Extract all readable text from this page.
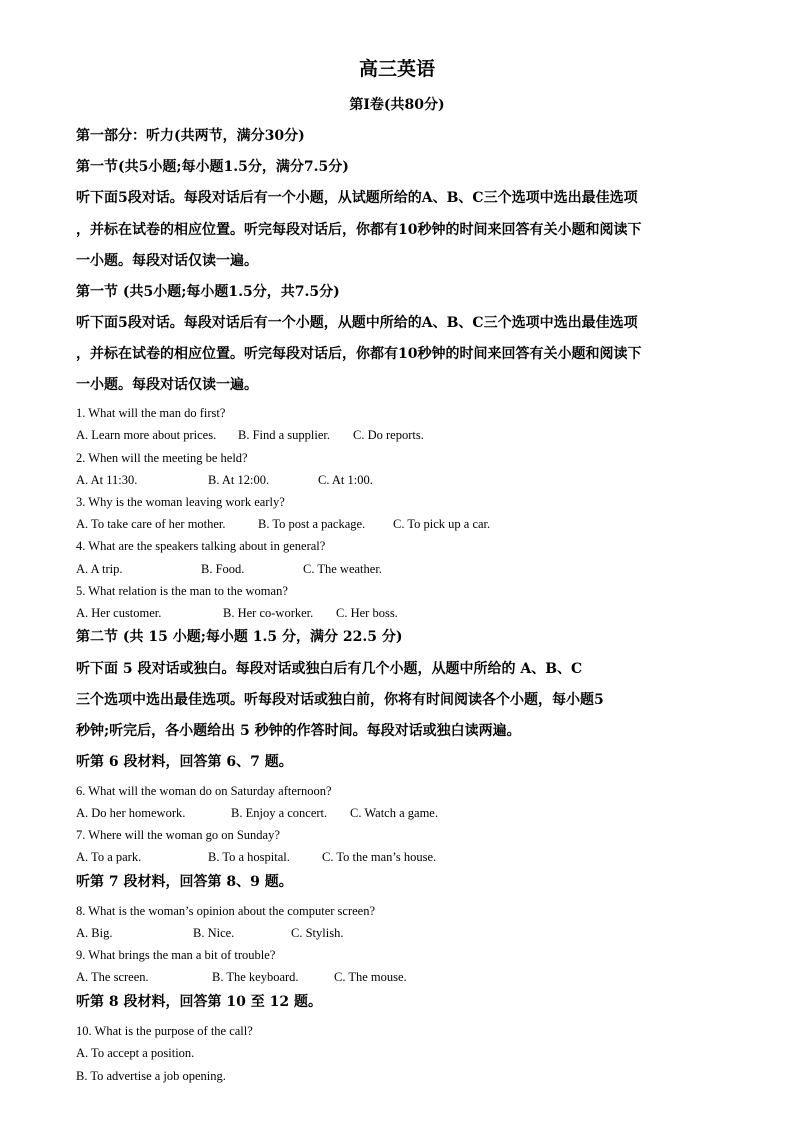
高三英语
第I卷(共80分)
第一部分：听力(共两节，满分30分)
第一节(共5小题;每小题1.5分，满分7.5分)
听下面5段对话。每段对话后有一个小题，从试题所给的A、B、C三个选项中选出最佳选项
，并标在试卷的相应位置。听完每段对话后，你都有10秒钟的时间来回答有关小题和阅读下
一小题。每段对话仅读一遍。
第一节 (共5小题;每小题1.5分，共7.5分)
听下面5段对话。每段对话后有一个小题，从题中所给的A、B、C三个选项中选出最佳选项
，并标在试卷的相应位置。听完每段对话后，你都有10秒钟的时间来回答有关小题和阅读下
一小题。每段对话仅读一遍。
1. What will the man do first?
A. Learn more about prices. B. Find a supplier. C. Do reports.
2. When will the meeting be held?
A. At 11:30.	B. At 12:00.	C. At 1:00.
3. Why is the woman leaving work early?
A. To take care of her mother.	B. To post a package. C. To pick up a car.
4. What are the speakers talking about in general?
A. A trip.	B. Food.	C. The weather.
5. What relation is the man to the woman?
A. Her customer.	B. Her co-worker. C. Her boss.
第二节 (共 15 小题;每小题 1.5 分，满分 22.5 分)
听下面 5 段对话或独白。每段对话或独白后有几个小题，从题中所给的 A、B、C
三个选项中选出最佳选项。听每段对话或独白前，你将有时间阅读各个小题，每小题5
秒钟;听完后，各小题给出 5 秒钟的作答时间。每段对话或独白读两遍。
听第 6 段材料，回答第 6、7 题。
6. What will the woman do on Saturday afternoon?
A. Do her homework.	B. Enjoy a concert. C. Watch a game.
7. Where will the woman go on Sunday?
A. To a park.	B. To a hospital.	C. To the man’s house.
听第 7 段材料，回答第 8、9 题。
8. What is the woman’s opinion about the computer screen?
A. Big.	B. Nice.	C. Stylish.
9. What brings the man a bit of trouble?
A. The screen.	B. The keyboard.	C. The mouse.
听第 8 段材料，回答第 10 至 12 题。
10. What is the purpose of the call?
A. To accept a position.
B. To advertise a job opening.
